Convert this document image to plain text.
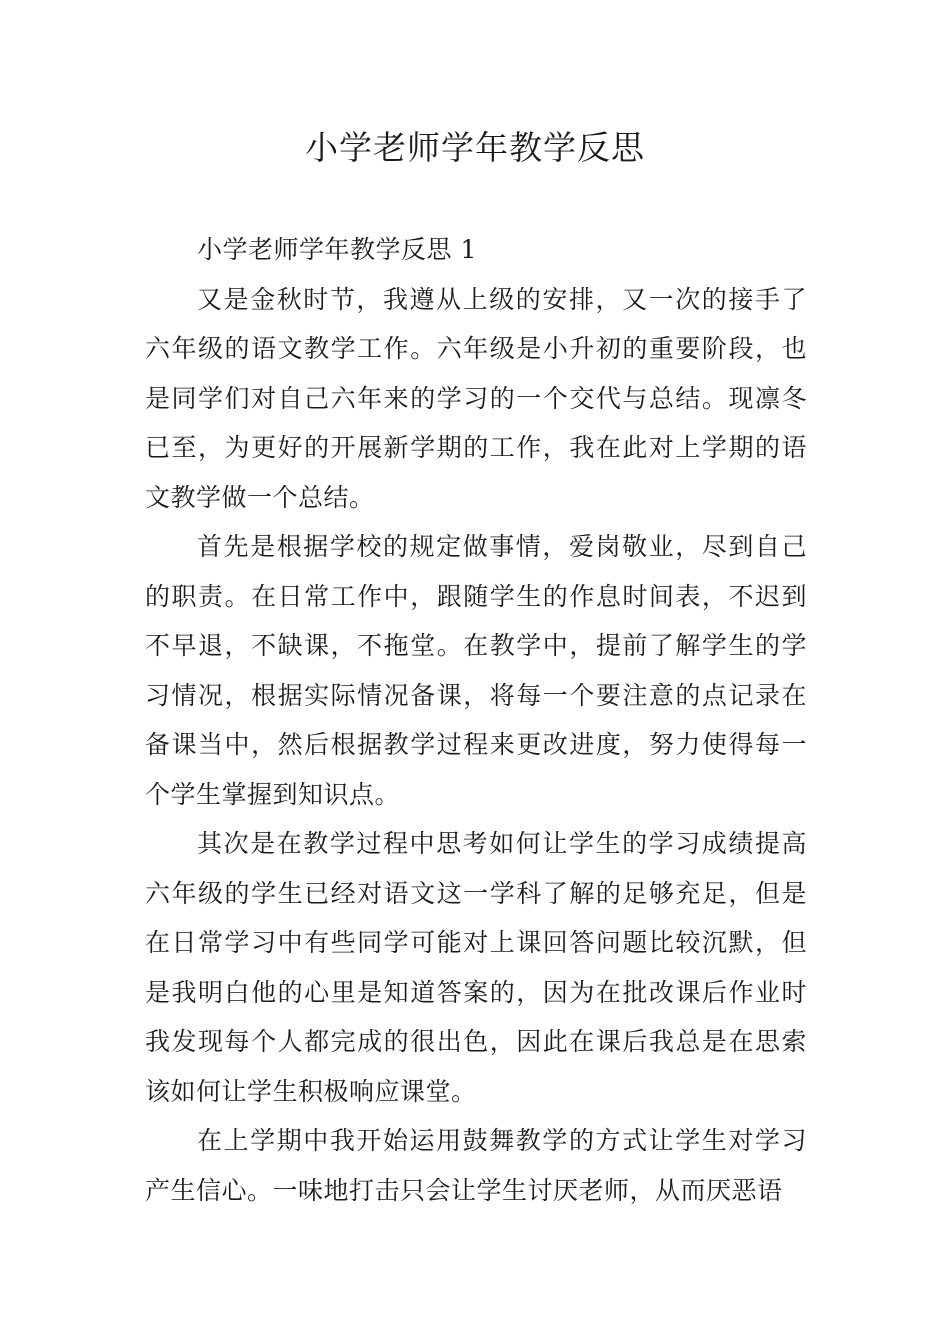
小学老师学年教学反思

小学老师学年教学反思 1

又是金秋时节，我遵从上级的安排，又一次的接手了六年级的语文教学工作。六年级是小升初的重要阶段，也是同学们对自己六年来的学习的一个交代与总结。现凛冬已至，为更好的开展新学期的工作，我在此对上学期的语文教学做一个总结。

首先是根据学校的规定做事情，爱岗敬业，尽到自己的职责。在日常工作中，跟随学生的作息时间表，不迟到不早退，不缺课，不拖堂。在教学中，提前了解学生的学习情况，根据实际情况备课，将每一个要注意的点记录在备课当中，然后根据教学过程来更改进度，努力使得每一个学生掌握到知识点。

其次是在教学过程中思考如何让学生的学习成绩提高六年级的学生已经对语文这一学科了解的足够充足，但是在日常学习中有些同学可能对上课回答问题比较沉默，但是我明白他的心里是知道答案的，因为在批改课后作业时我发现每个人都完成的很出色，因此在课后我总是在思索该如何让学生积极响应课堂。

在上学期中我开始运用鼓舞教学的方式让学生对学习产生信心。一味地打击只会让学生讨厌老师，从而厌恶语
